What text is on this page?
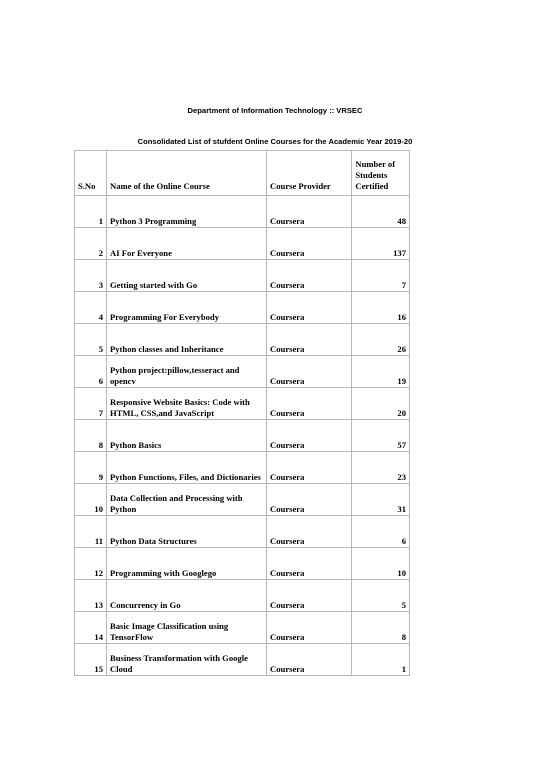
Department of Information Technology :: VRSEC
Consolidated List of stufdent Online Courses for the Academic Year 2019-20
S.No	Name of the Online Course	Course Provider	Number of Students Certified
1	Python 3 Programming	Coursera	48
2	AI For Everyone	Coursera	137
3	Getting started with Go	Coursera	7
4	Programming For Everybody	Coursera	16
5	Python classes and Inheritance	Coursera	26
6	Python project:pillow,tesseract and opencv	Coursera	19
7	Responsive Website Basics: Code with HTML, CSS,and JavaScript	Coursera	20
8	Python Basics	Coursera	57
9	Python Functions, Files, and Dictionaries	Coursera	23
10	Data Collection and Processing with Python	Coursera	31
11	Python Data Structures	Coursera	6
12	Programming with Googlego	Coursera	10
13	Concurrency in Go	Coursera	5
14	Basic Image Classification using TensorFlow	Coursera	8
15	Business Transformation with Google Cloud	Coursera	1
